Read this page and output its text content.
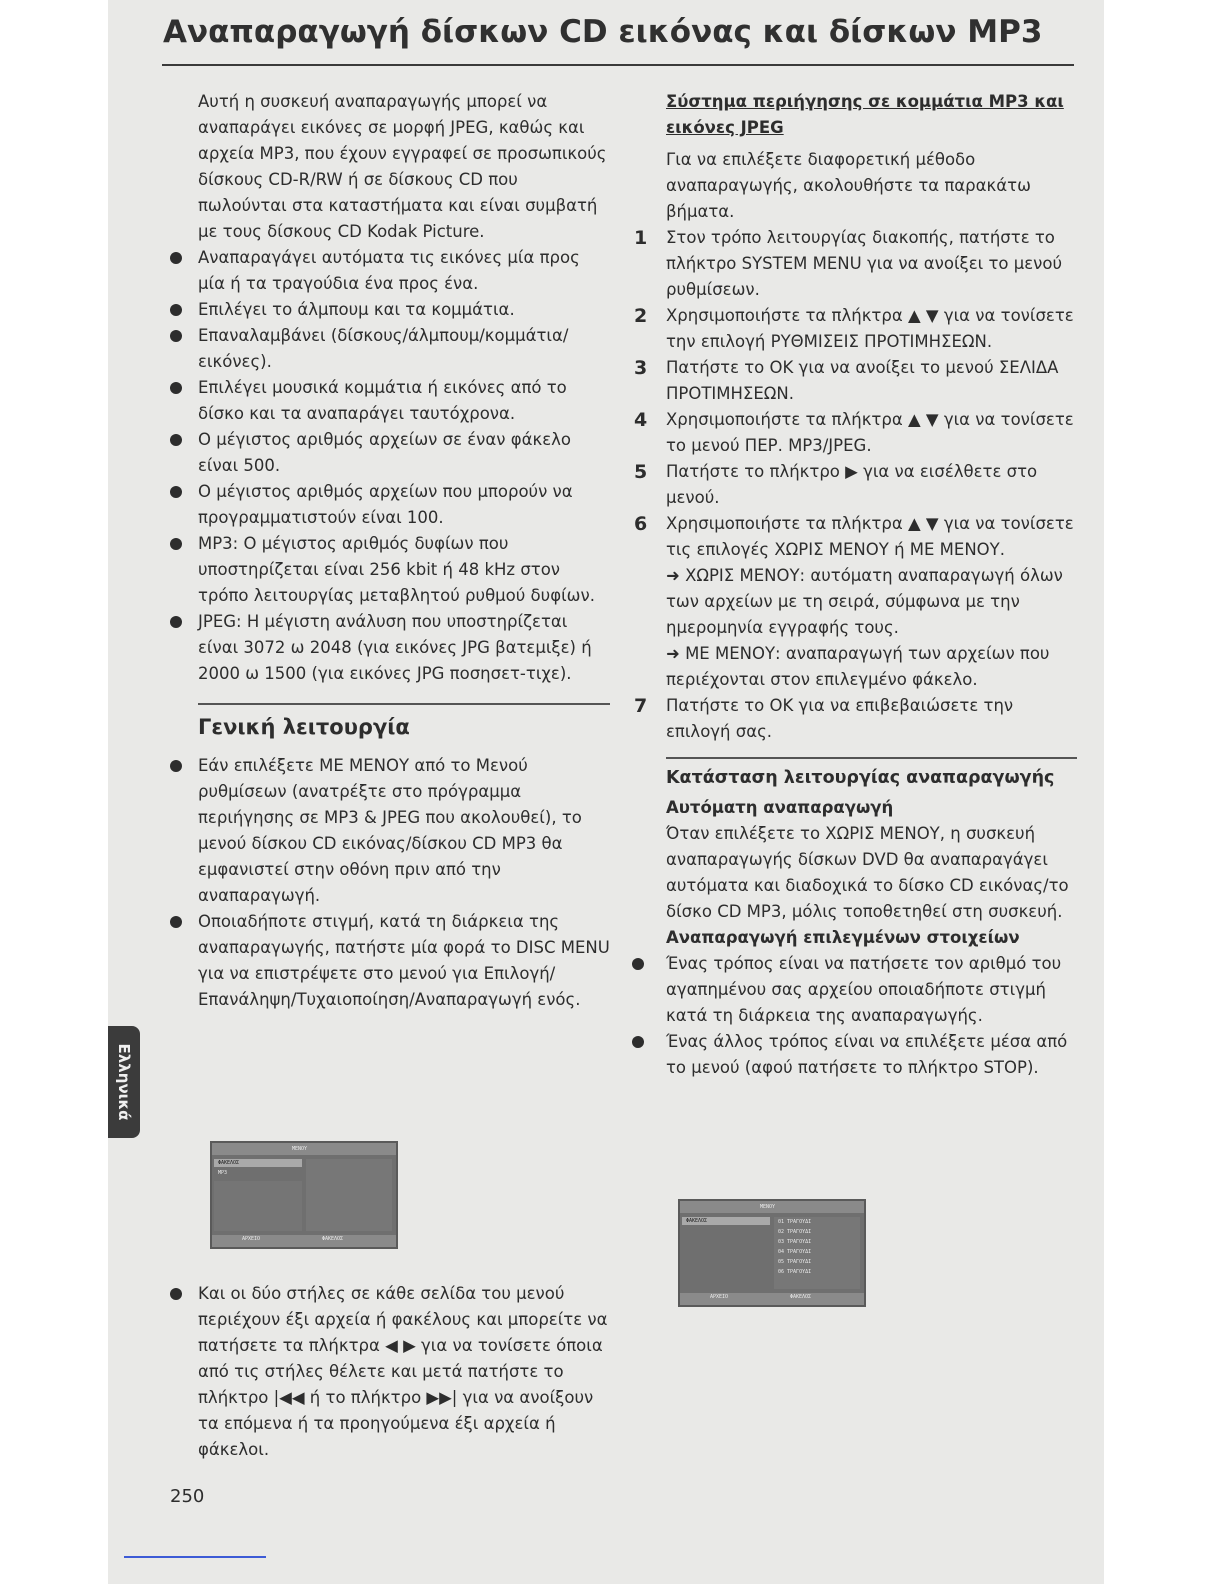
Αναπαραγωγή δίσκων CD εικόνας και δίσκων MP3

Αυτή η συσκευή αναπαραγωγής μπορεί να αναπαράγει εικόνες σε μορφή JPEG, καθώς και αρχεία MP3, που έχουν εγγραφεί σε προσωπικούς δίσκους CD-R/RW ή σε δίσκους CD που πωλούνται στα καταστήματα και είναι συμβατή με τους δίσκους CD Kodak Picture.

Αναπαραγάγει αυτόματα τις εικόνες μία προς μία ή τα τραγούδια ένα προς ένα.
Επιλέγει το άλμπουμ και τα κομμάτια.
Επαναλαμβάνει (δίσκους/άλμπουμ/κομμάτια/εικόνες).
Επιλέγει μουσικά κομμάτια ή εικόνες από το δίσκο και τα αναπαράγει ταυτόχρονα.
Ο μέγιστος αριθμός αρχείων σε έναν φάκελο είναι 500.
Ο μέγιστος αριθμός αρχείων που μπορούν να προγραμματιστούν είναι 100.
MP3: Ο μέγιστος αριθμός δυφίων που υποστηρίζεται είναι 256 kbit ή 48 kHz στον τρόπο λειτουργίας μεταβλητού ρυθμού δυφίων.
JPEG: Η μέγιστη ανάλυση που υποστηρίζεται είναι 3072 ω 2048 (για εικόνες JPG βατεμιξε) ή 2000 ω 1500 (για εικόνες JPG ποσησετ-τιχε).
Γενική λειτουργία
Εάν επιλέξετε ΜΕ ΜΕΝΟΥ από το Μενού ρυθμίσεων (ανατρέξτε στο πρόγραμμα περιήγησης σε MP3 & JPEG που ακολουθεί), το μενού δίσκου CD εικόνας/δίσκου CD MP3 θα εμφανιστεί στην οθόνη πριν από την αναπαραγωγή.
Οποιαδήποτε στιγμή, κατά τη διάρκεια της αναπαραγωγής, πατήστε μία φορά το DISC MENU για να επιστρέψετε στο μενού για Επιλογή/Επανάληψη/Τυχαιοποίηση/Αναπαραγωγή ενός.
ΜΕΝΟΥ
ΦΑΚΕΛΟΣ
MP3
ΑΡΧΕΙΟ	ΦΑΚΕΛΟΣ
Και οι δύο στήλες σε κάθε σελίδα του μενού περιέχουν έξι αρχεία ή φακέλους και μπορείτε να πατήσετε τα πλήκτρα ◀ ▶ για να τονίσετε όποια από τις στήλες θέλετε και μετά πατήστε το πλήκτρο |◀◀ ή το πλήκτρο ▶▶| για να ανοίξουν τα επόμενα ή τα προηγούμενα έξι αρχεία ή φάκελοι.

Σύστημα περιήγησης σε κομμάτια MP3 και εικόνες JPEG

Για να επιλέξετε διαφορετική μέθοδο αναπαραγωγής, ακολουθήστε τα παρακάτω βήματα.

1 Στον τρόπο λειτουργίας διακοπής, πατήστε το πλήκτρο SYSTEM MENU για να ανοίξει το μενού ρυθμίσεων.
2 Χρησιμοποιήστε τα πλήκτρα ▲ ▼ για να τονίσετε την επιλογή ΡΥΘΜΙΣΕΙΣ ΠΡΟΤΙΜΗΣΕΩΝ.
3 Πατήστε το OK για να ανοίξει το μενού ΣΕΛΙΔΑ ΠΡΟΤΙΜΗΣΕΩΝ.
4 Χρησιμοποιήστε τα πλήκτρα ▲ ▼ για να τονίσετε το μενού ΠΕΡ. MP3/JPEG.
5 Πατήστε το πλήκτρο ▶ για να εισέλθετε στο μενού.
6 Χρησιμοποιήστε τα πλήκτρα ▲ ▼ για να τονίσετε τις επιλογές ΧΩΡΙΣ ΜΕΝΟΥ ή ΜΕ ΜΕΝΟΥ.

➜ ΧΩΡΙΣ ΜΕΝΟΥ: αυτόματη αναπαραγωγή όλων των αρχείων με τη σειρά, σύμφωνα με την ημερομηνία εγγραφής τους.

➜ ΜΕ ΜΕΝΟΥ: αναπαραγωγή των αρχείων που περιέχονται στον επιλεγμένο φάκελο.

7 Πατήστε το OK για να επιβεβαιώσετε την επιλογή σας.

Κατάσταση λειτουργίας αναπαραγωγής

Αυτόματη αναπαραγωγή

Όταν επιλέξετε το ΧΩΡΙΣ ΜΕΝΟΥ, η συσκευή αναπαραγωγής δίσκων DVD θα αναπαραγάγει αυτόματα και διαδοχικά το δίσκο CD εικόνας/το δίσκο CD MP3, μόλις τοποθετηθεί στη συσκευή.

Αναπαραγωγή επιλεγμένων στοιχείων

Ένας τρόπος είναι να πατήσετε τον αριθμό του αγαπημένου σας αρχείου οποιαδήποτε στιγμή κατά τη διάρκεια της αναπαραγωγής.
Ένας άλλος τρόπος είναι να επιλέξετε μέσα από το μενού (αφού πατήσετε το πλήκτρο STOP).
ΜΕΝΟΥ
ΦΑΚΕΛΟΣ	01 ΤΡΑΓΟΥΔΙ
02 ΤΡΑΓΟΥΔΙ
03 ΤΡΑΓΟΥΔΙ
04 ΤΡΑΓΟΥΔΙ
05 ΤΡΑΓΟΥΔΙ
06 ΤΡΑΓΟΥΔΙ
ΑΡΧΕΙΟ	ΦΑΚΕΛΟΣ
Ελληνικά
250
